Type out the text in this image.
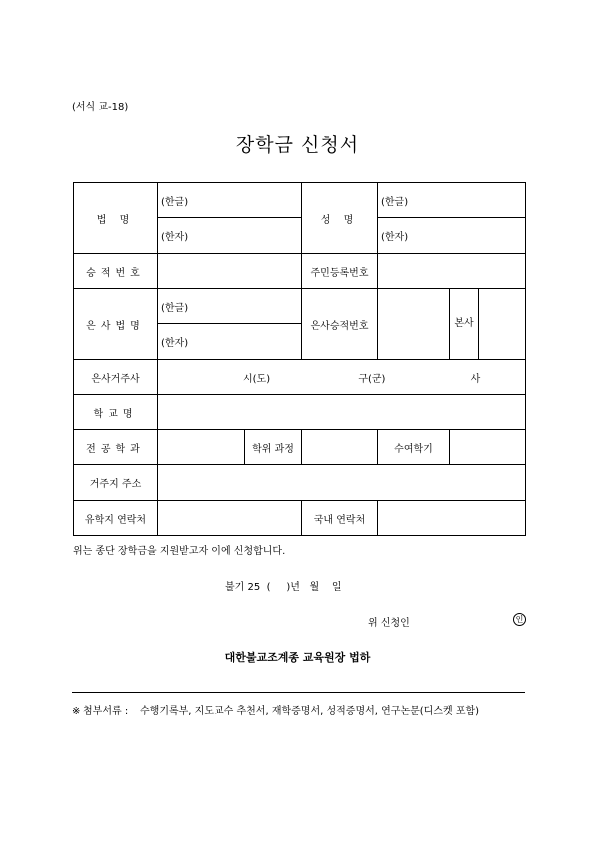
(서식 교-18)
장학금 신청서
법 명	(한글)		성 명	(한글)		
	(한자)			(한자)		
승적번호			주민등록번호			
은사법명	(한글)		은사승적번호		본사	
	(한자)					
은사거주사	시(도) 구(군) 사					
학교명						
전공학과		학위 과정		수여학기		
거주지 주소						
유학지 연락처			국내 연락처			
위는 종단 장학금을 지원받고자 이에 신청합니다.
불기 25  (     )년   월    일
위 신청인	인
대한불교조계종 교육원장 법하
※ 첨부서류 : 수행기록부, 지도교수 추천서, 재학증명서, 성적증명서, 연구논문(디스켓 포함)
